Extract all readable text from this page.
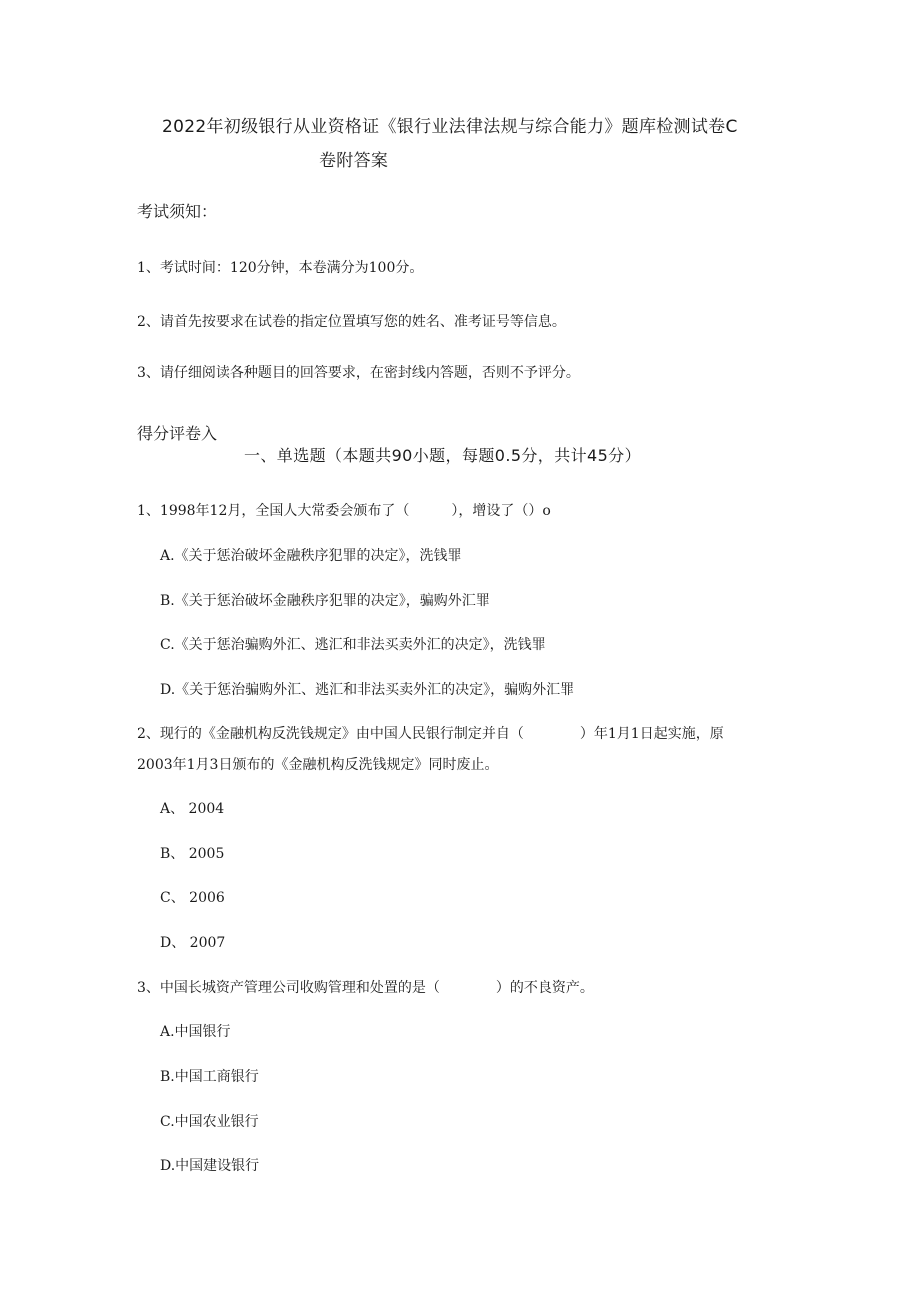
2022年初级银行从业资格证《银行业法律法规与综合能力》题库检测试卷C
卷附答案
考试须知：
1、考试时间：120分钟，本卷满分为100分。
2、请首先按要求在试卷的指定位置填写您的姓名、准考证号等信息。
3、请仔细阅读各种题目的回答要求，在密封线内答题，否则不予评分。
得分评卷入
一、单选题（本题共90小题，每题0.5分，共计45分）
1、1998年12月，全国人大常委会颁布了（　　　），增设了（）o
A.《关于惩治破坏金融秩序犯罪的决定》，洗钱罪
B.《关于惩治破坏金融秩序犯罪的决定》，骗购外汇罪
C.《关于惩治骗购外汇、逃汇和非法买卖外汇的决定》，洗钱罪
D.《关于惩治骗购外汇、逃汇和非法买卖外汇的决定》，骗购外汇罪
2、现行的《金融机构反洗钱规定》由中国人民银行制定并自（　　　　）年1月1日起实施，原
2003年1月3日颁布的《金融机构反洗钱规定》同时废止。
A、 2004
B、 2005
C、 2006
D、 2007
3、中国长城资产管理公司收购管理和处置的是（　　　　）的不良资产。
A.中国银行
B.中国工商银行
C.中国农业银行
D.中国建设银行
